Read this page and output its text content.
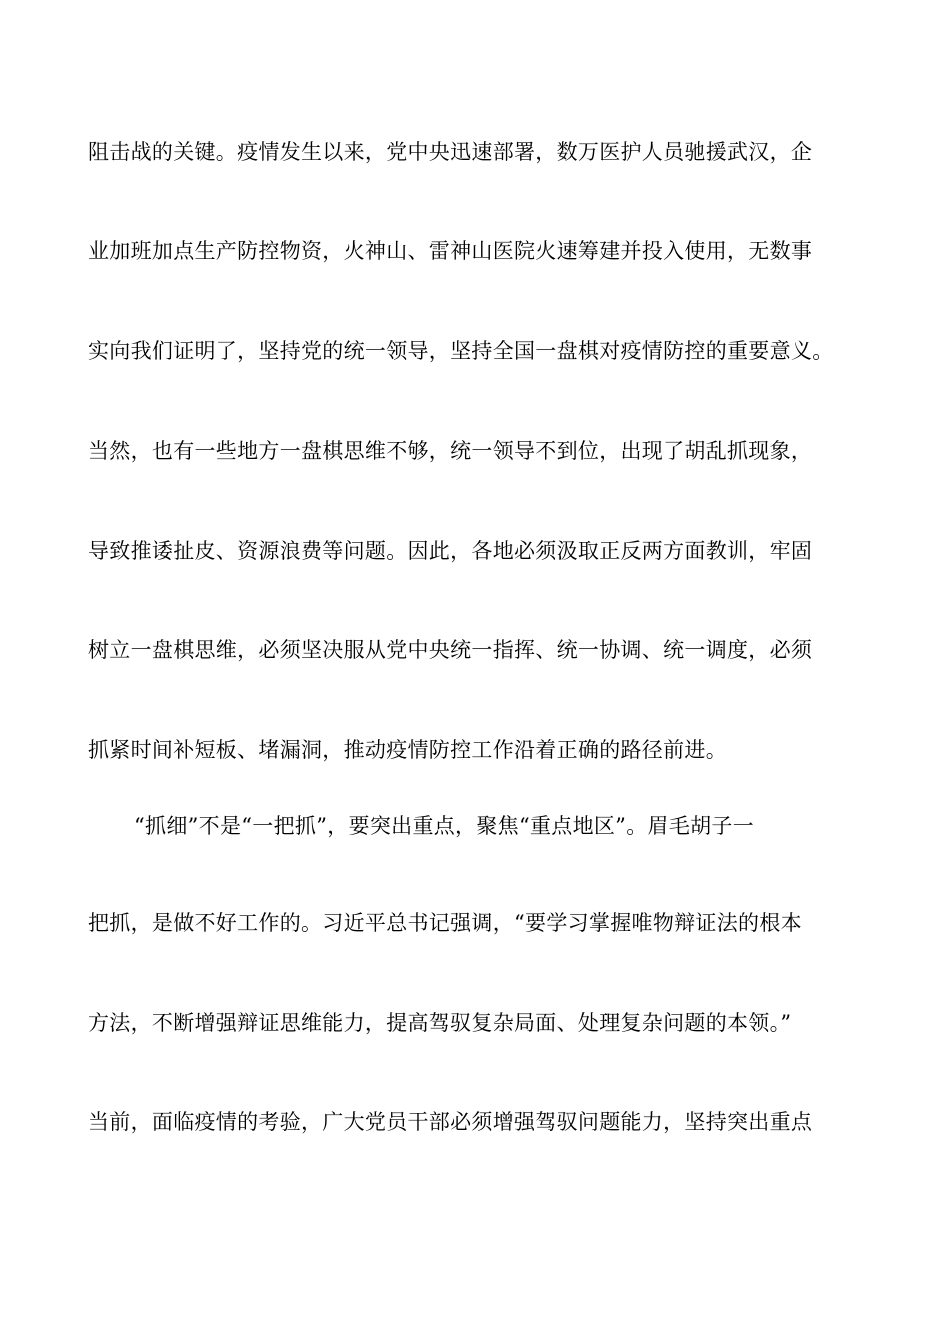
阻击战的关键。疫情发生以来，党中央迅速部署，数万医护人员驰援武汉，企
业加班加点生产防控物资，火神山、雷神山医院火速筹建并投入使用，无数事
实向我们证明了，坚持党的统一领导，坚持全国一盘棋对疫情防控的重要意义。
当然，也有一些地方一盘棋思维不够，统一领导不到位，出现了胡乱抓现象，
导致推诿扯皮、资源浪费等问题。因此，各地必须汲取正反两方面教训，牢固
树立一盘棋思维，必须坚决服从党中央统一指挥、统一协调、统一调度，必须
抓紧时间补短板、堵漏洞，推动疫情防控工作沿着正确的路径前进。
“抓细”不是“一把抓”，要突出重点，聚焦“重点地区”。眉毛胡子一
把抓，是做不好工作的。习近平总书记强调，“要学习掌握唯物辩证法的根本
方法，不断增强辩证思维能力，提高驾驭复杂局面、处理复杂问题的本领。”
当前，面临疫情的考验，广大党员干部必须增强驾驭问题能力，坚持突出重点
